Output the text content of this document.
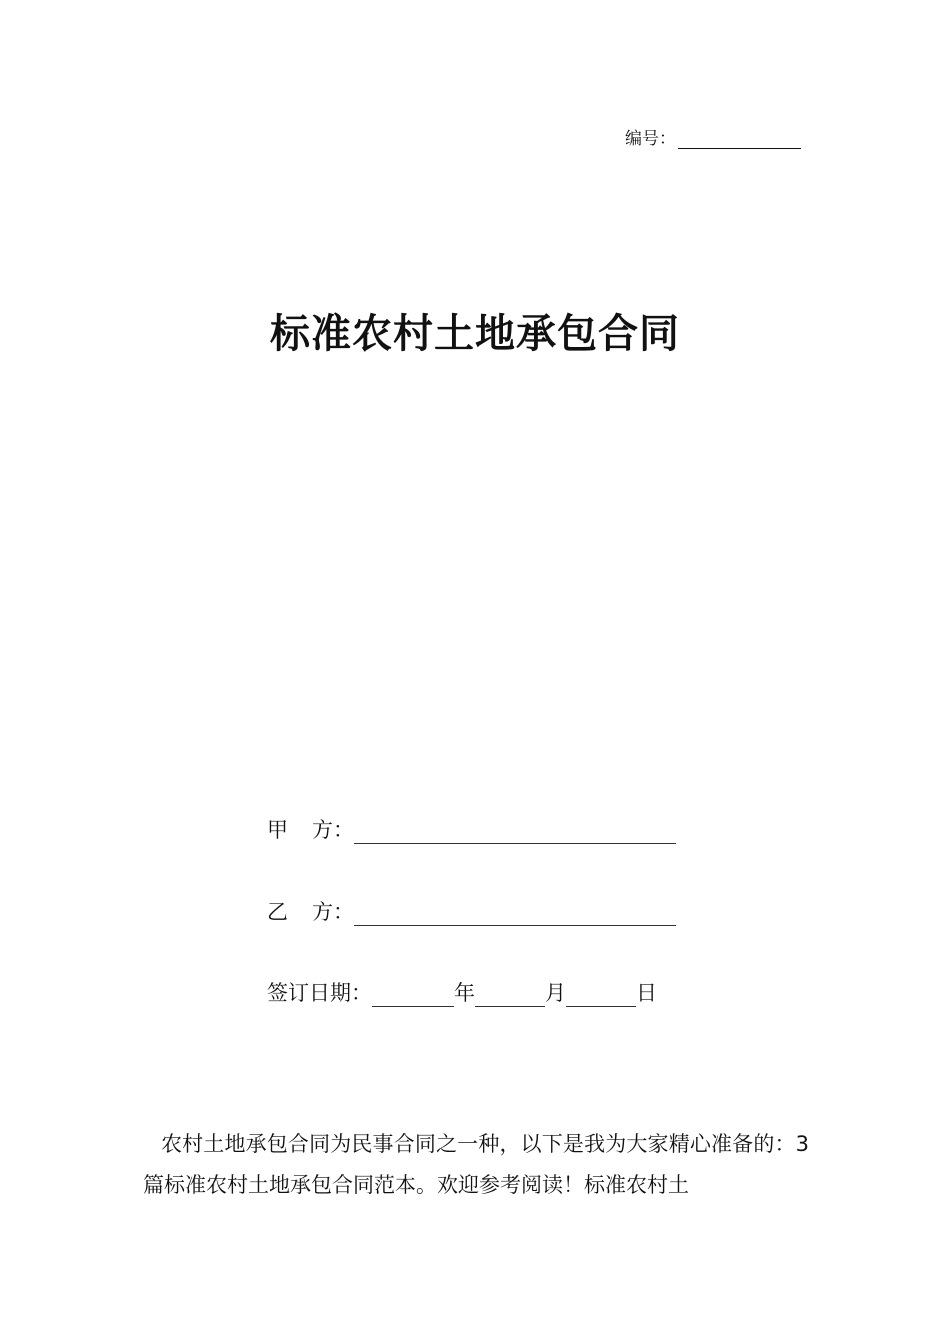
编号：
标准农村土地承包合同
甲 方：
乙 方：
签订日期：	年	月	日
农村土地承包合同为民事合同之一种，以下是我为大家精心准备的：3篇标准农村土地承包合同范本。欢迎参考阅读！标准农村土
